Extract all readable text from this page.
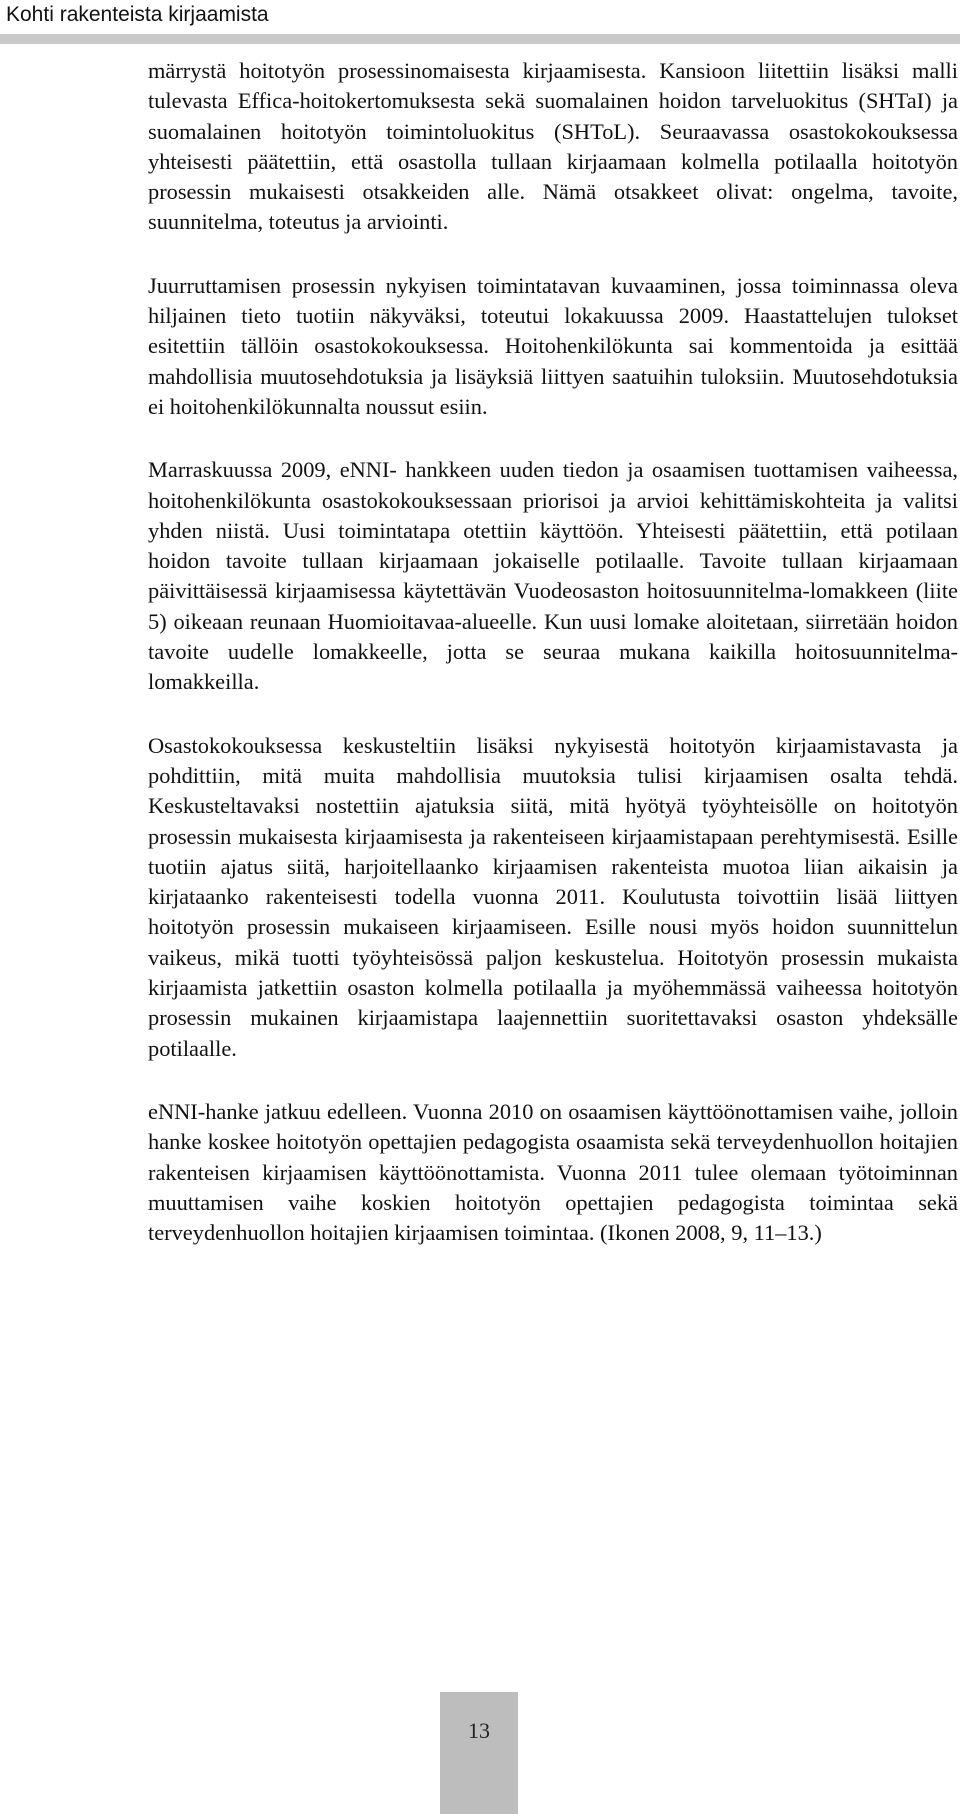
Kohti rakenteista kirjaamista

märrystä hoitotyön prosessinomaisesta kirjaamisesta. Kansioon liitettiin lisäksi malli tulevasta Effica-hoitokertomuksesta sekä suomalainen hoidon tarveluokitus (SHTaI) ja suomalainen hoitotyön toimintoluokitus (SHToL). Seuraavassa osastokokouksessa yhteisesti päätettiin, että osastolla tullaan kirjaamaan kolmella potilaalla hoitotyön prosessin mukaisesti otsakkeiden alle. Nämä otsakkeet olivat: ongelma, tavoite, suunnitelma, toteutus ja arviointi.

Juurruttamisen prosessin nykyisen toimintatavan kuvaaminen, jossa toiminnassa oleva hiljainen tieto tuotiin näkyväksi, toteutui lokakuussa 2009. Haastattelujen tulokset esitettiin tällöin osastokokouksessa. Hoitohenkilökunta sai kommentoida ja esittää mahdollisia muutosehdotuksia ja lisäyksiä liittyen saatuihin tuloksiin. Muutosehdotuksia ei hoitohenkilökunnalta noussut esiin.

Marraskuussa 2009, eNNI- hankkeen uuden tiedon ja osaamisen tuottamisen vaiheessa, hoitohenkilökunta osastokokouksessaan priorisoi ja arvioi kehittämiskohteita ja valitsi yhden niistä. Uusi toimintatapa otettiin käyttöön. Yhteisesti päätettiin, että potilaan hoidon tavoite tullaan kirjaamaan jokaiselle potilaalle. Tavoite tullaan kirjaamaan päivittäisessä kirjaamisessa käytettävän Vuodeosaston hoitosuunnitelma-lomakkeen (liite 5) oikeaan reunaan Huomioitavaa-alueelle. Kun uusi lomake aloitetaan, siirretään hoidon tavoite uudelle lomakkeelle, jotta se seuraa mukana kaikilla hoitosuunnitelma-lomakkeilla.

Osastokokouksessa keskusteltiin lisäksi nykyisestä hoitotyön kirjaamistavasta ja pohdittiin, mitä muita mahdollisia muutoksia tulisi kirjaamisen osalta tehdä. Keskusteltavaksi nostettiin ajatuksia siitä, mitä hyötyä työyhteisölle on hoitotyön prosessin mukaisesta kirjaamisesta ja rakenteiseen kirjaamistapaan perehtymisestä. Esille tuotiin ajatus siitä, harjoitellaanko kirjaamisen rakenteista muotoa liian aikaisin ja kirjataanko rakenteisesti todella vuonna 2011. Koulutusta toivottiin lisää liittyen hoitotyön prosessin mukaiseen kirjaamiseen. Esille nousi myös hoidon suunnittelun vaikeus, mikä tuotti työyhteisössä paljon keskustelua. Hoitotyön prosessin mukaista kirjaamista jatkettiin osaston kolmella potilaalla ja myöhemmässä vaiheessa hoitotyön prosessin mukainen kirjaamistapa laajennettiin suoritettavaksi osaston yhdeksälle potilaalle.

eNNI-hanke jatkuu edelleen. Vuonna 2010 on osaamisen käyttöönottamisen vaihe, jolloin hanke koskee hoitotyön opettajien pedagogista osaamista sekä terveydenhuollon hoitajien rakenteisen kirjaamisen käyttöönottamista. Vuonna 2011 tulee olemaan työtoiminnan muuttamisen vaihe koskien hoitotyön opettajien pedagogista toimintaa sekä terveydenhuollon hoitajien kirjaamisen toimintaa. (Ikonen 2008, 9, 11–13.)

13
